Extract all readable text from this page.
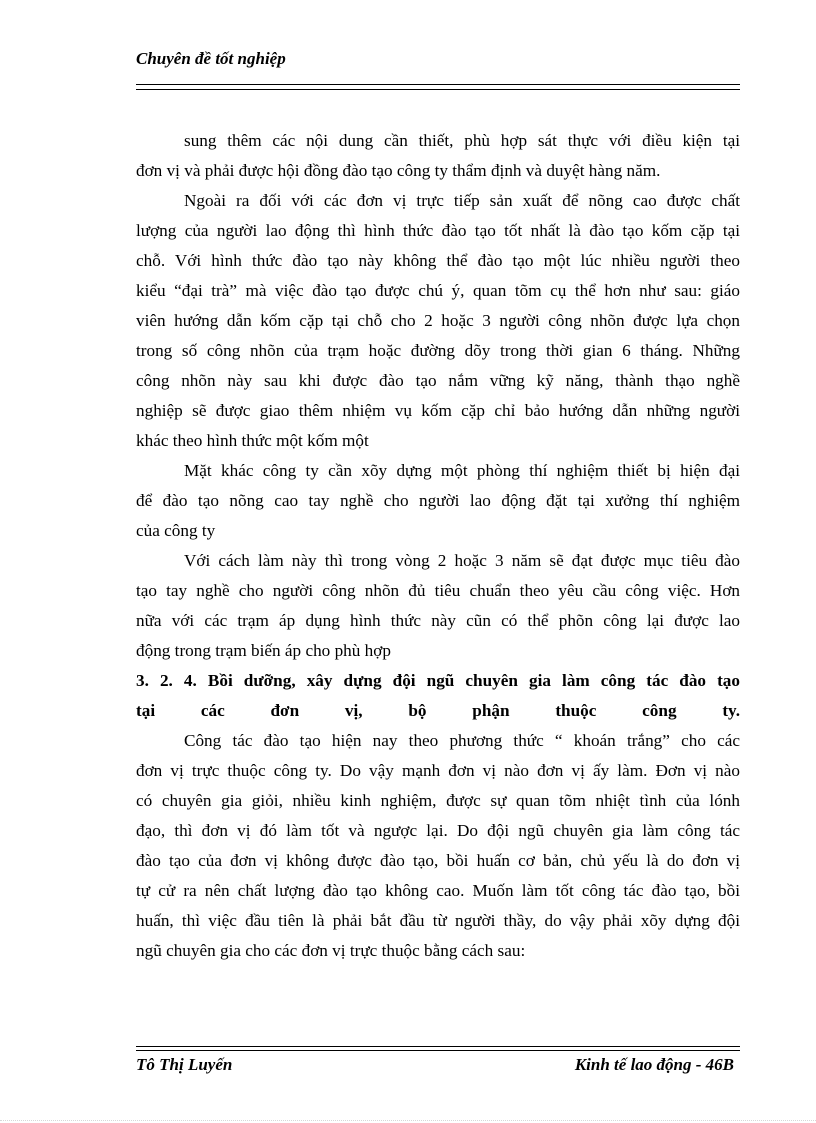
Chuyên đề tốt nghiệp
sung thêm các nội dung cần thiết, phù hợp sát thực với điều kiện tại
đơn vị và phải được hội đồng đào tạo công ty thẩm định và duyệt hàng năm.
Ngoài ra đối với các đơn vị trực tiếp sản xuất để nõng cao được chất
lượng của người lao động thì hình thức đào tạo tốt nhất là đào tạo kốm cặp tại
chỗ. Với hình thức đào tạo này không thể đào tạo một lúc nhiều người theo
kiểu “đại trà” mà việc đào tạo được chú ý, quan tõm cụ thể hơn như sau: giáo
viên hướng dẫn kốm cặp tại chỗ cho 2 hoặc 3 người công nhõn được lựa chọn
trong số công nhõn của trạm hoặc đường dõy trong thời gian 6 tháng. Những
công nhõn này sau khi được đào tạo nắm vững kỹ năng, thành thạo nghề
nghiệp sẽ được giao thêm nhiệm vụ kốm cặp chỉ bảo hướng dẫn những người
khác theo hình thức một kốm một
Mặt khác công ty cần xõy dựng một phòng thí nghiệm thiết bị hiện đại
để đào tạo nõng cao tay nghề cho người lao động đặt tại xưởng thí nghiệm
của công ty
Với cách làm này thì trong vòng 2 hoặc 3 năm sẽ đạt được mục tiêu đào
tạo tay nghề cho người công nhõn đủ tiêu chuẩn theo yêu cầu công việc. Hơn
nữa với các trạm áp dụng hình thức này cũn có thể phõn công lại được lao
động trong trạm biến áp cho phù hợp
3. 2. 4. Bồi dưỡng, xây dựng đội ngũ chuyên gia làm công tác đào tạo
tại các đơn vị, bộ phận thuộc công ty.
Công tác đào tạo hiện nay theo phương thức “ khoán trắng” cho các
đơn vị trực thuộc công ty. Do vậy mạnh đơn vị nào đơn vị ấy làm. Đơn vị nào
có chuyên gia giỏi, nhiều kinh nghiệm, được sự quan tõm nhiệt tình của lónh
đạo, thì đơn vị đó làm tốt và ngược lại. Do đội ngũ chuyên gia làm công tác
đào tạo của đơn vị không được đào tạo, bồi huấn cơ bản, chủ yếu là do đơn vị
tự cử ra nên chất lượng đào tạo không cao. Muốn làm tốt công tác đào tạo, bồi
huấn, thì việc đầu tiên là phải bắt đầu từ người thầy, do vậy phải xõy dựng đội
ngũ chuyên gia cho các đơn vị trực thuộc bằng cách sau:
Tô Thị Luyến	Kinh tế lao động - 46B
